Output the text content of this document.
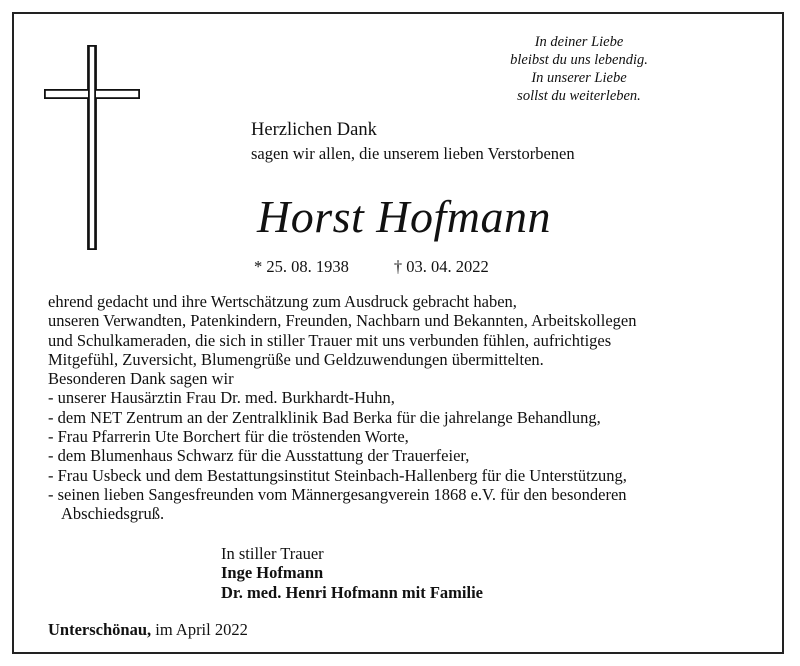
In deiner Liebe
bleibst du uns lebendig.
In unserer Liebe
sollst du weiterleben.
Herzlichen Dank
sagen wir allen, die unserem lieben Verstorbenen
Horst Hofmann
* 25. 08. 1938	† 03. 04. 2022
ehrend gedacht und ihre Wertschätzung zum Ausdruck gebracht haben,
unseren Verwandten, Patenkindern, Freunden, Nachbarn und Bekannten, Arbeitskollegen
und Schulkameraden, die sich in stiller Trauer mit uns verbunden fühlen, aufrichtiges
Mitgefühl, Zuversicht, Blumengrüße und Geldzuwendungen übermittelten.
Besonderen Dank sagen wir
- unserer Hausärztin Frau Dr. med. Burkhardt-Huhn,
- dem NET Zentrum an der Zentralklinik Bad Berka für die jahrelange Behandlung,
- Frau Pfarrerin Ute Borchert für die tröstenden Worte,
- dem Blumenhaus Schwarz für die Ausstattung der Trauerfeier,
- Frau Usbeck und dem Bestattungsinstitut Steinbach-Hallenberg für die Unterstützung,
- seinen lieben Sangesfreunden vom Männergesangverein 1868 e.V. für den besonderen
Abschiedsgruß.
In stiller Trauer
Inge Hofmann
Dr. med. Henri Hofmann mit Familie
Unterschönau, im April 2022
